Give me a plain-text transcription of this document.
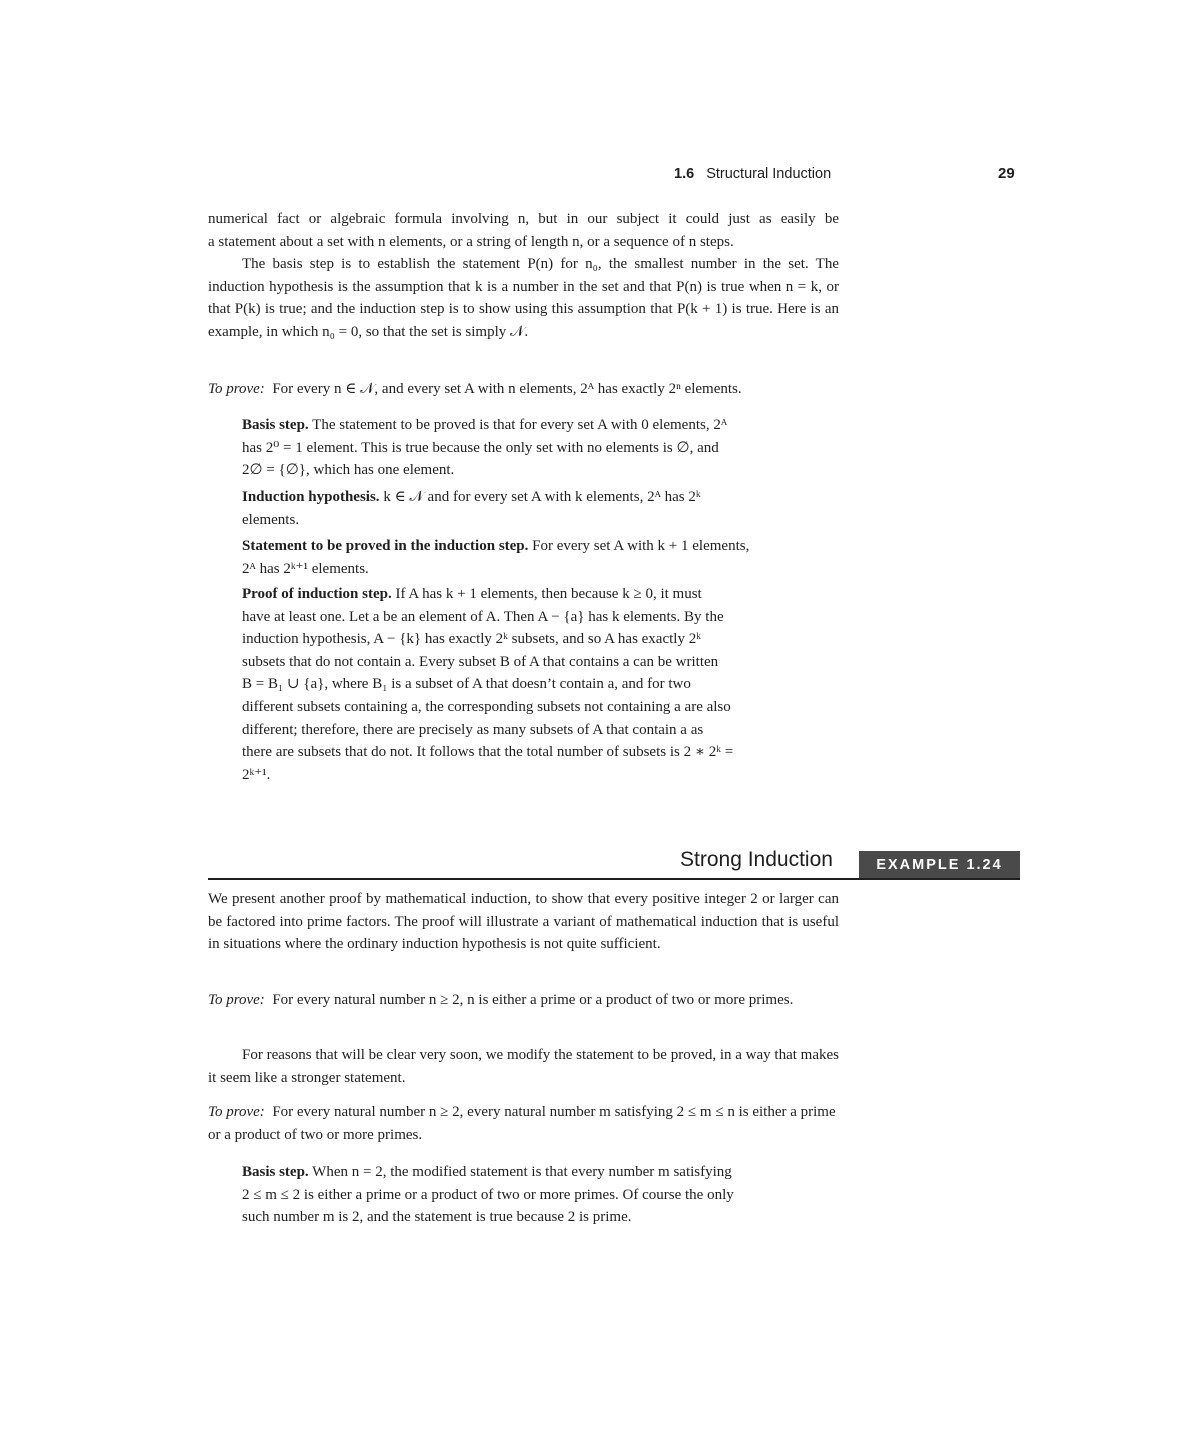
1.6 Structural Induction	29

numerical fact or algebraic formula involving n, but in our subject it could just as easily be

a statement about a set with n elements, or a string of length n, or a sequence of n steps.

The basis step is to establish the statement P(n) for n₀, the smallest number in the set. The induction hypothesis is the assumption that k is a number in the set and that P(n) is true when n = k, or that P(k) is true; and the induction step is to show using this assumption that P(k + 1) is true. Here is an example, in which n₀ = 0, so that the set is simply 𝒩.

To prove: For every n ∈ 𝒩, and every set A with n elements, 2ᴬ has exactly 2ⁿ elements.

Basis step. The statement to be proved is that for every set A with 0 elements, 2ᴬ

has 2⁰ = 1 element. This is true because the only set with no elements is ∅, and

2∅ = {∅}, which has one element.

Induction hypothesis. k ∈ 𝒩 and for every set A with k elements, 2ᴬ has 2ᵏ

elements.

Statement to be proved in the induction step. For every set A with k + 1 elements,

2ᴬ has 2ᵏ⁺¹ elements.

Proof of induction step. If A has k + 1 elements, then because k ≥ 0, it must

have at least one. Let a be an element of A. Then A − {a} has k elements. By the

induction hypothesis, A − {k} has exactly 2ᵏ subsets, and so A has exactly 2ᵏ

subsets that do not contain a. Every subset B of A that contains a can be written

B = B₁ ∪ {a}, where B₁ is a subset of A that doesn’t contain a, and for two

different subsets containing a, the corresponding subsets not containing a are also

different; therefore, there are precisely as many subsets of A that contain a as

there are subsets that do not. It follows that the total number of subsets is 2 ∗ 2ᵏ =

2ᵏ⁺¹.

Strong Induction	EXAMPLE 1.24

We present another proof by mathematical induction, to show that every positive integer 2 or larger can be factored into prime factors. The proof will illustrate a variant of mathematical induction that is useful in situations where the ordinary induction hypothesis is not quite sufficient.

To prove: For every natural number n ≥ 2, n is either a prime or a product of two or more primes.

For reasons that will be clear very soon, we modify the statement to be proved, in a way that makes it seem like a stronger statement.

To prove: For every natural number n ≥ 2, every natural number m satisfying 2 ≤ m ≤ n is either a prime or a product of two or more primes.

Basis step. When n = 2, the modified statement is that every number m satisfying

2 ≤ m ≤ 2 is either a prime or a product of two or more primes. Of course the only

such number m is 2, and the statement is true because 2 is prime.
